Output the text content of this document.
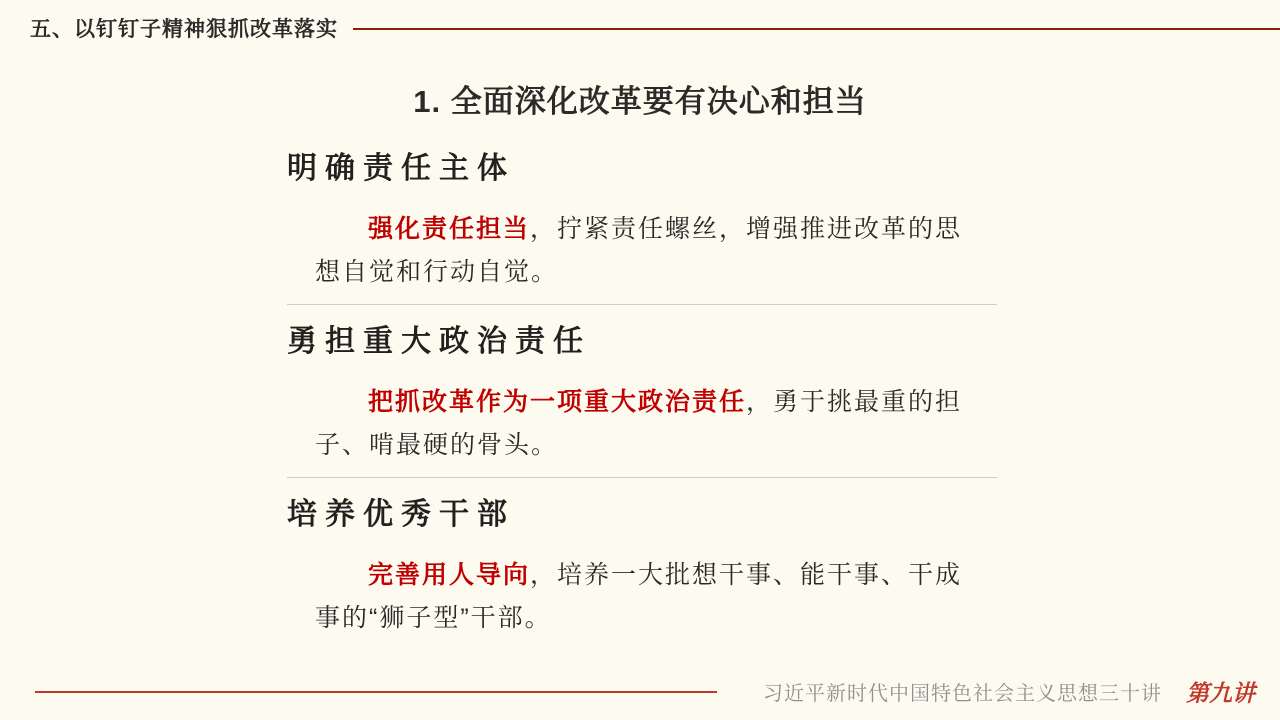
五、以钉钉子精神狠抓改革落实
1. 全面深化改革要有决心和担当
明确责任主体

强化责任担当，拧紧责任螺丝，增强推进改革的思想自觉和行动自觉。

勇担重大政治责任

把抓改革作为一项重大政治责任，勇于挑最重的担子、啃最硬的骨头。

培养优秀干部

完善用人导向，培养一大批想干事、能干事、干成事的“狮子型”干部。

习近平新时代中国特色社会主义思想三十讲 第九讲
